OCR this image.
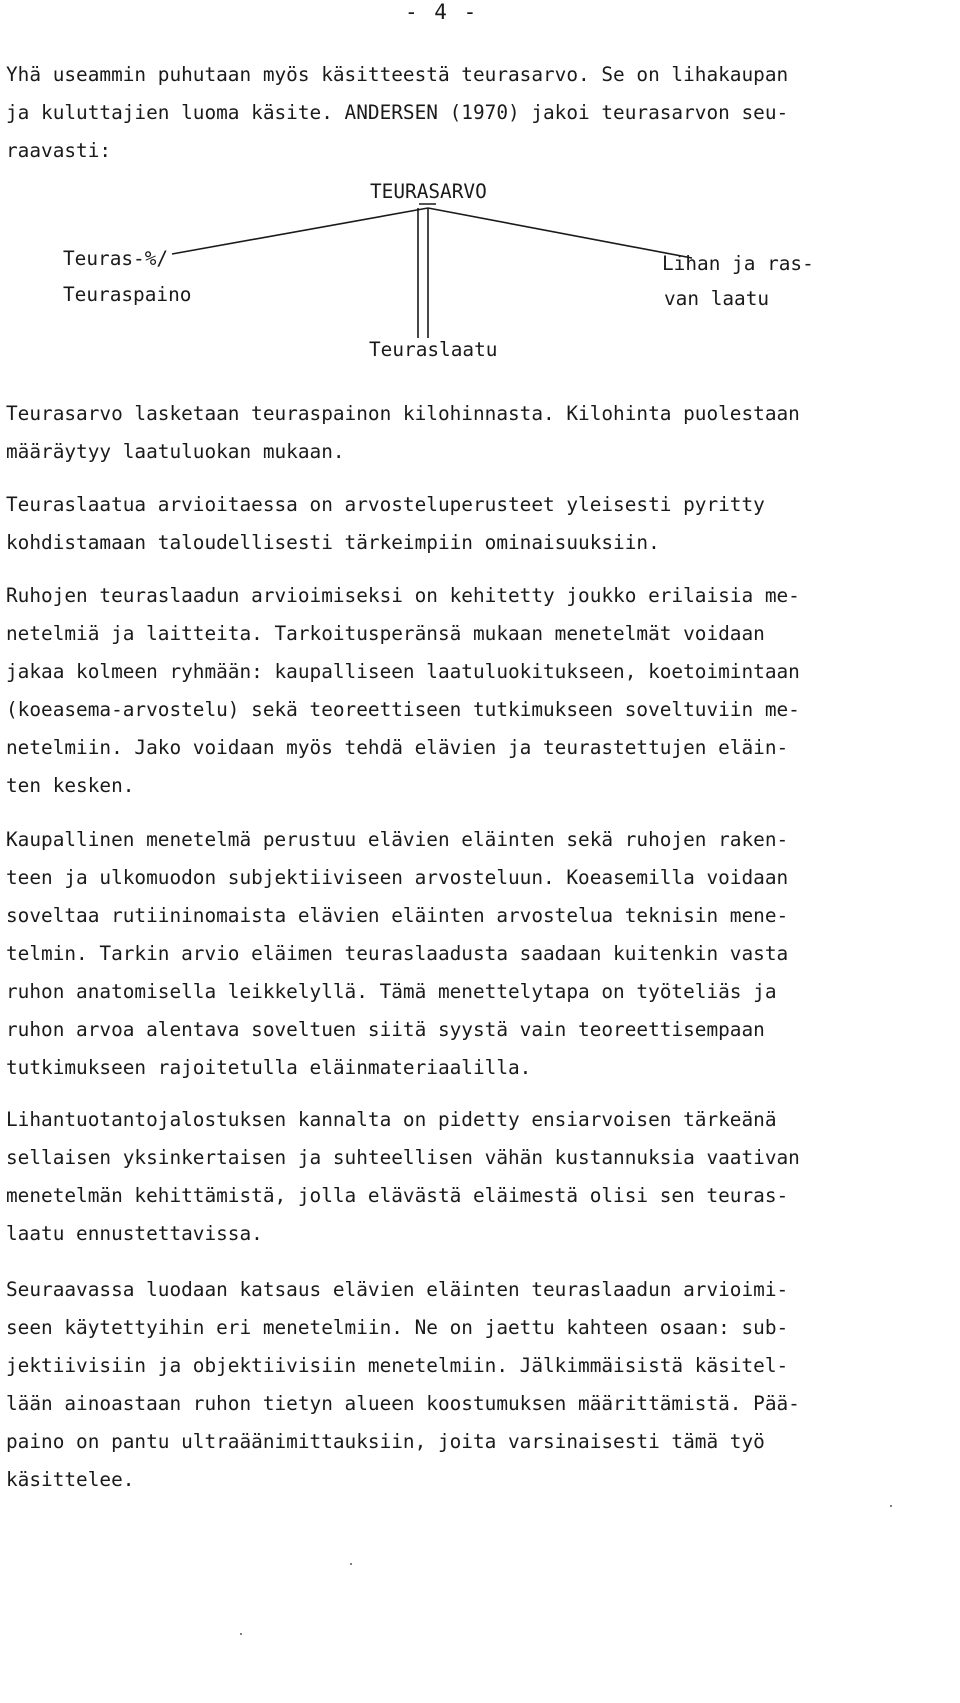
- 4 -
Yhä useammin puhutaan myös käsitteestä teurasarvo. Se on lihakaupan
ja kuluttajien luoma käsite. ANDERSEN (1970) jakoi teurasarvon seu-
raavasti:
TEURASARVO
Teuras-%/
Teuraspaino
Lihan ja ras-
van laatu
Teuraslaatu
Teurasarvo lasketaan teuraspainon kilohinnasta. Kilohinta puolestaan
määräytyy laatuluokan mukaan.
Teuraslaatua arvioitaessa on arvosteluperusteet yleisesti pyritty
kohdistamaan taloudellisesti tärkeimpiin ominaisuuksiin.
Ruhojen teuraslaadun arvioimiseksi on kehitetty joukko erilaisia me-
netelmiä ja laitteita. Tarkoitusperänsä mukaan menetelmät voidaan
jakaa kolmeen ryhmään: kaupalliseen laatuluokitukseen, koetoimintaan
(koeasema-arvostelu) sekä teoreettiseen tutkimukseen soveltuviin me-
netelmiin. Jako voidaan myös tehdä elävien ja teurastettujen eläin-
ten kesken.
Kaupallinen menetelmä perustuu elävien eläinten sekä ruhojen raken-
teen ja ulkomuodon subjektiiviseen arvosteluun. Koeasemilla voidaan
soveltaa rutiininomaista elävien eläinten arvostelua teknisin mene-
telmin. Tarkin arvio eläimen teuraslaadusta saadaan kuitenkin vasta
ruhon anatomisella leikkelyllä. Tämä menettelytapa on työteliäs ja
ruhon arvoa alentava soveltuen siitä syystä vain teoreettisempaan
tutkimukseen rajoitetulla eläinmateriaalilla.
Lihantuotantojalostuksen kannalta on pidetty ensiarvoisen tärkeänä
sellaisen yksinkertaisen ja suhteellisen vähän kustannuksia vaativan
menetelmän kehittämistä, jolla elävästä eläimestä olisi sen teuras-
laatu ennustettavissa.
Seuraavassa luodaan katsaus elävien eläinten teuraslaadun arvioimi-
seen käytettyihin eri menetelmiin. Ne on jaettu kahteen osaan: sub-
jektiivisiin ja objektiivisiin menetelmiin. Jälkimmäisistä käsitel-
lään ainoastaan ruhon tietyn alueen koostumuksen määrittämistä. Pää-
paino on pantu ultraäänimittauksiin, joita varsinaisesti tämä työ
käsittelee.
